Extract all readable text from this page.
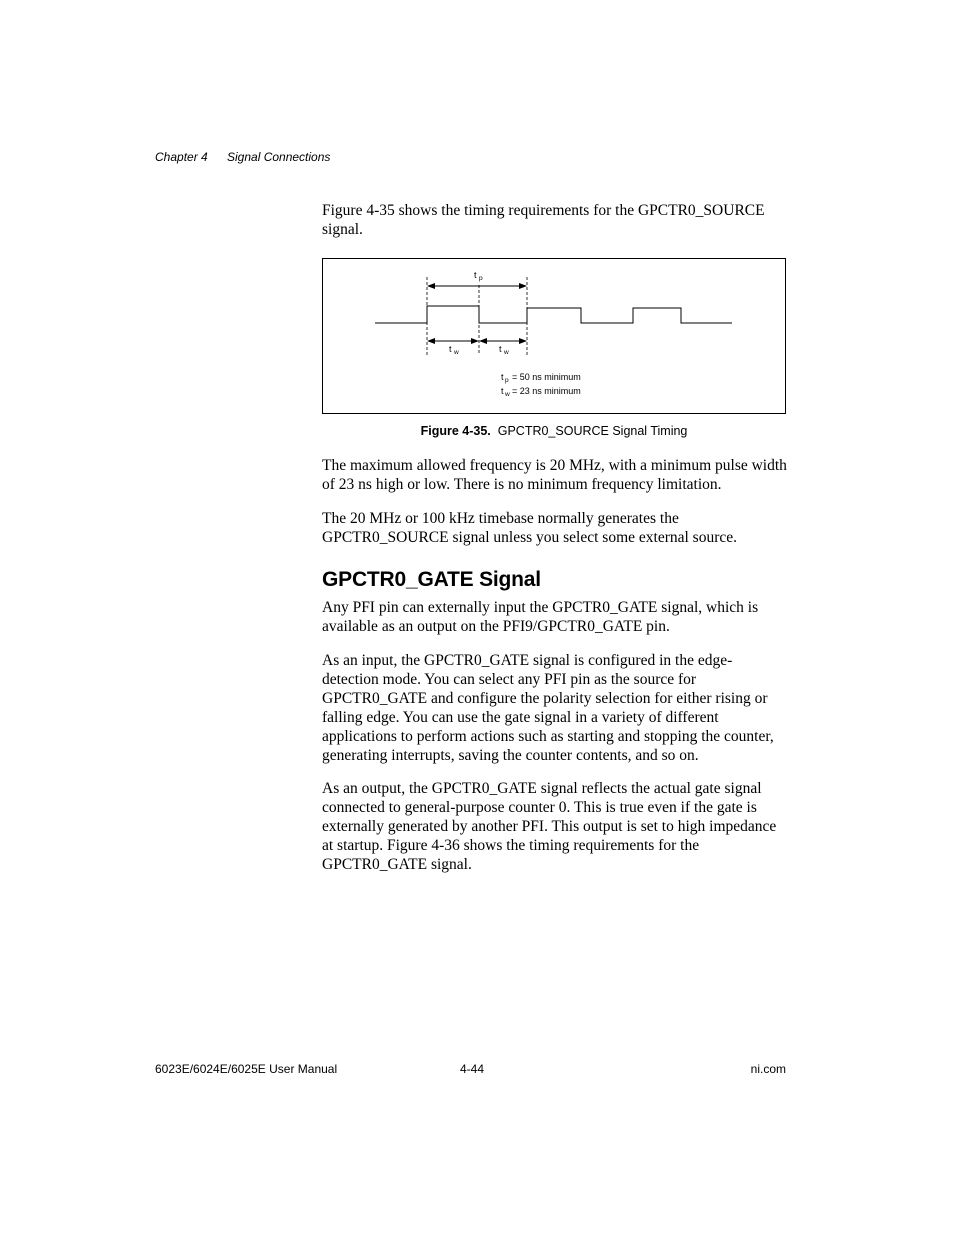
Chapter 4	Signal Connections

Figure 4-35 shows the timing requirements for the GPCTR0_SOURCE signal.

t p
t w	t w
t p = 50 ns minimum
t w = 23 ns minimum
Figure 4-35. GPCTR0_SOURCE Signal Timing

The maximum allowed frequency is 20 MHz, with a minimum pulse width of 23 ns high or low. There is no minimum frequency limitation.

The 20 MHz or 100 kHz timebase normally generates the GPCTR0_SOURCE signal unless you select some external source.

GPCTR0_GATE Signal

Any PFI pin can externally input the GPCTR0_GATE signal, which is available as an output on the PFI9/GPCTR0_GATE pin.

As an input, the GPCTR0_GATE signal is configured in the edge-detection mode. You can select any PFI pin as the source for GPCTR0_GATE and configure the polarity selection for either rising or falling edge. You can use the gate signal in a variety of different applications to perform actions such as starting and stopping the counter, generating interrupts, saving the counter contents, and so on.

As an output, the GPCTR0_GATE signal reflects the actual gate signal connected to general-purpose counter 0. This is true even if the gate is externally generated by another PFI. This output is set to high impedance at startup. Figure 4-36 shows the timing requirements for the GPCTR0_GATE signal.

6023E/6024E/6025E User Manual	4-44	ni.com
